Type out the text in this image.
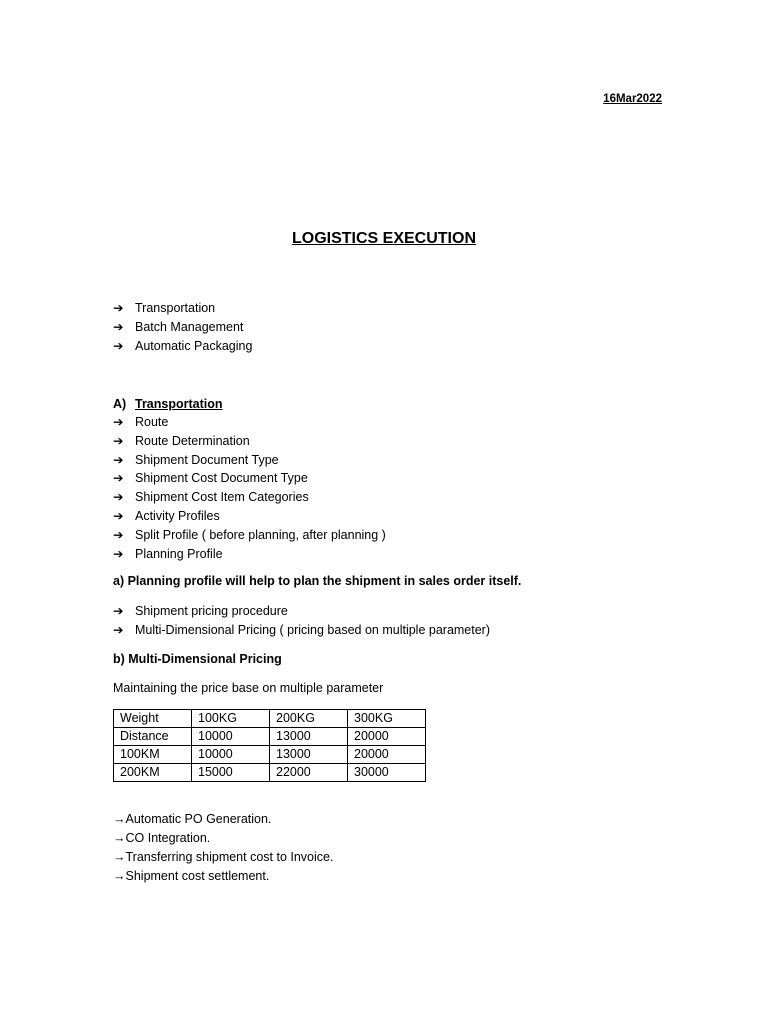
16Mar2022
LOGISTICS EXECUTION
➔ Transportation
➔ Batch Management
➔ Automatic Packaging
A) Transportation
➔ Route
➔ Route Determination
➔ Shipment Document Type
➔ Shipment Cost Document Type
➔ Shipment Cost Item Categories
➔ Activity Profiles
➔ Split Profile ( before planning, after planning )
➔ Planning Profile
a) Planning profile will help to plan the shipment in sales order itself.
➔ Shipment pricing procedure
➔ Multi-Dimensional Pricing ( pricing based on multiple parameter)
b) Multi-Dimensional Pricing
Maintaining the price base on multiple parameter
Weight	100KG	200KG	300KG
Distance	10000	13000	20000
100KM	10000	13000	20000
200KM	15000	22000	30000
→Automatic PO Generation.
→CO Integration.
→Transferring shipment cost to Invoice.
→Shipment cost settlement.
